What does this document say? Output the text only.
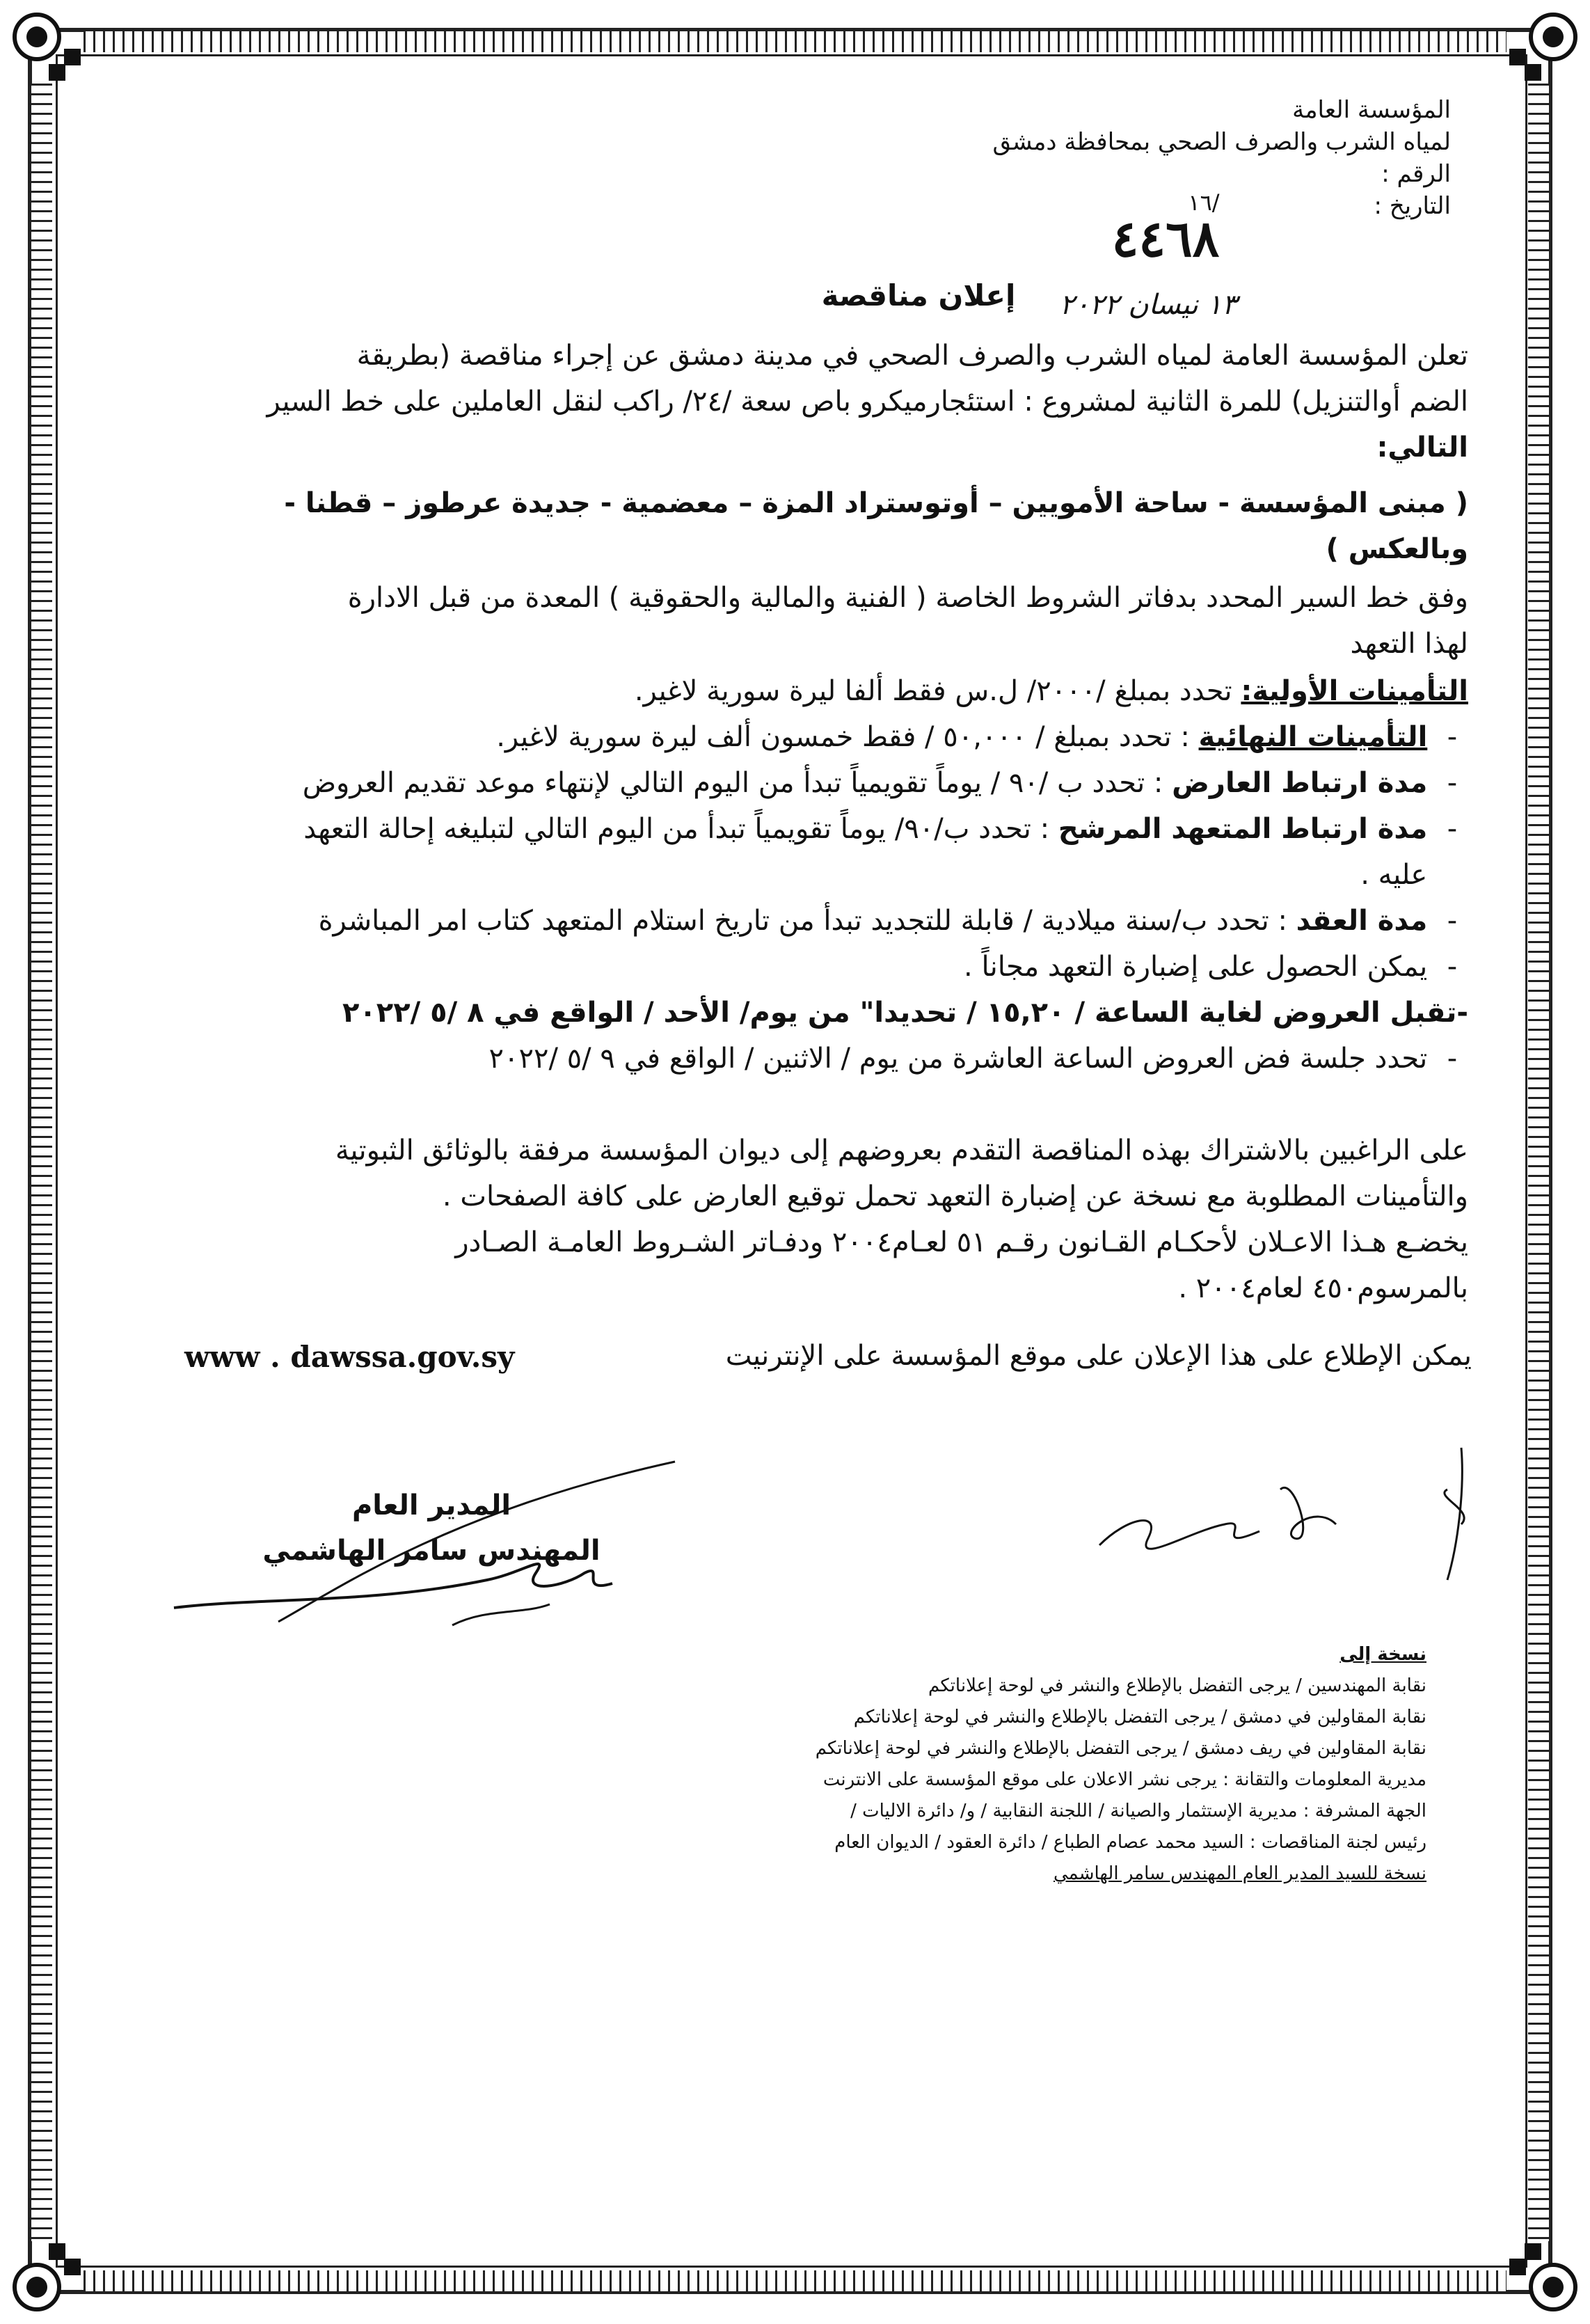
المؤسسة العامة
لمياه الشرب والصرف الصحي بمحافظة دمشق
الرقم :
التاريخ :
١٦/
٤٤٦٨
١٣ نيسان ٢٠٢٢
إعلان مناقصة
تعلن المؤسسة العامة لمياه الشرب والصرف الصحي في مدينة دمشق عن إجراء مناقصة (بطريقة
الضم أوالتنزيل) للمرة الثانية لمشروع : استئجارميكرو باص سعة /٢٤/ راكب لنقل العاملين على خط السير
التالي:
( مبنى المؤسسة - ساحة الأمويين – أوتوستراد المزة – معضمية - جديدة عرطوز – قطنا -
وبالعكس )
وفق خط السير المحدد بدفاتر الشروط الخاصة ( الفنية والمالية والحقوقية ) المعدة من قبل الادارة
لهذا التعهد
التأمينات الأولية: تحدد بمبلغ /٢٠٠٠/ ل.س فقط ألفا ليرة سورية لاغير.
- التأمينات النهائية : تحدد بمبلغ / ٥٠,٠٠٠ / فقط خمسون ألف ليرة سورية لاغير.
- مدة ارتباط العارض : تحدد ب /٩٠ / يوماً تقويمياً تبدأ من اليوم التالي لإنتهاء موعد تقديم العروض
- مدة ارتباط المتعهد المرشح : تحدد ب/٩٠/ يوماً تقويمياً تبدأ من اليوم التالي لتبليغه إحالة التعهد
عليه .
- مدة العقد : تحدد ب/سنة ميلادية / قابلة للتجديد تبدأ من تاريخ استلام المتعهد كتاب امر المباشرة
- يمكن الحصول على إضبارة التعهد مجاناً .
-تقبل العروض لغاية الساعة / ١٥,٢٠ / تحديدا" من يوم/ الأحد / الواقع في ٨ /٥ /٢٠٢٢
- تحدد جلسة فض العروض الساعة العاشرة من يوم / الاثنين / الواقع في ٩ /٥ /٢٠٢٢
على الراغبين بالاشتراك بهذه المناقصة التقدم بعروضهم إلى ديوان المؤسسة مرفقة بالوثائق الثبوتية
والتأمينات المطلوبة مع نسخة عن إضبارة التعهد تحمل توقيع العارض على كافة الصفحات .
يخضـع هـذا الاعـلان لأحكـام القـانون رقـم ٥١ لعـام٢٠٠٤ ودفـاتر الشـروط العامـة الصـادر
بالمرسوم٤٥٠ لعام٢٠٠٤ .
يمكن الإطلاع على هذا الإعلان على موقع المؤسسة على الإنترنيت
www . dawssa.gov.sy
المدير العام
المهندس سامر الهاشمي
نسخة إلى
نقابة المهندسين / يرجى التفضل بالإطلاع والنشر في لوحة إعلاناتكم
نقابة المقاولين في دمشق / يرجى التفضل بالإطلاع والنشر في لوحة إعلاناتكم
نقابة المقاولين في ريف دمشق / يرجى التفضل بالإطلاع والنشر في لوحة إعلاناتكم
مديرية المعلومات والتقانة : يرجى نشر الاعلان على موقع المؤسسة على الانترنت
الجهة المشرفة : مديرية الإستثمار والصيانة / اللجنة النقابية / و/ دائرة الاليات /
رئيس لجنة المناقصات : السيد محمد عصام الطباع / دائرة العقود / الديوان العام
نسخة للسيد المدير العام المهندس سامر الهاشمي
